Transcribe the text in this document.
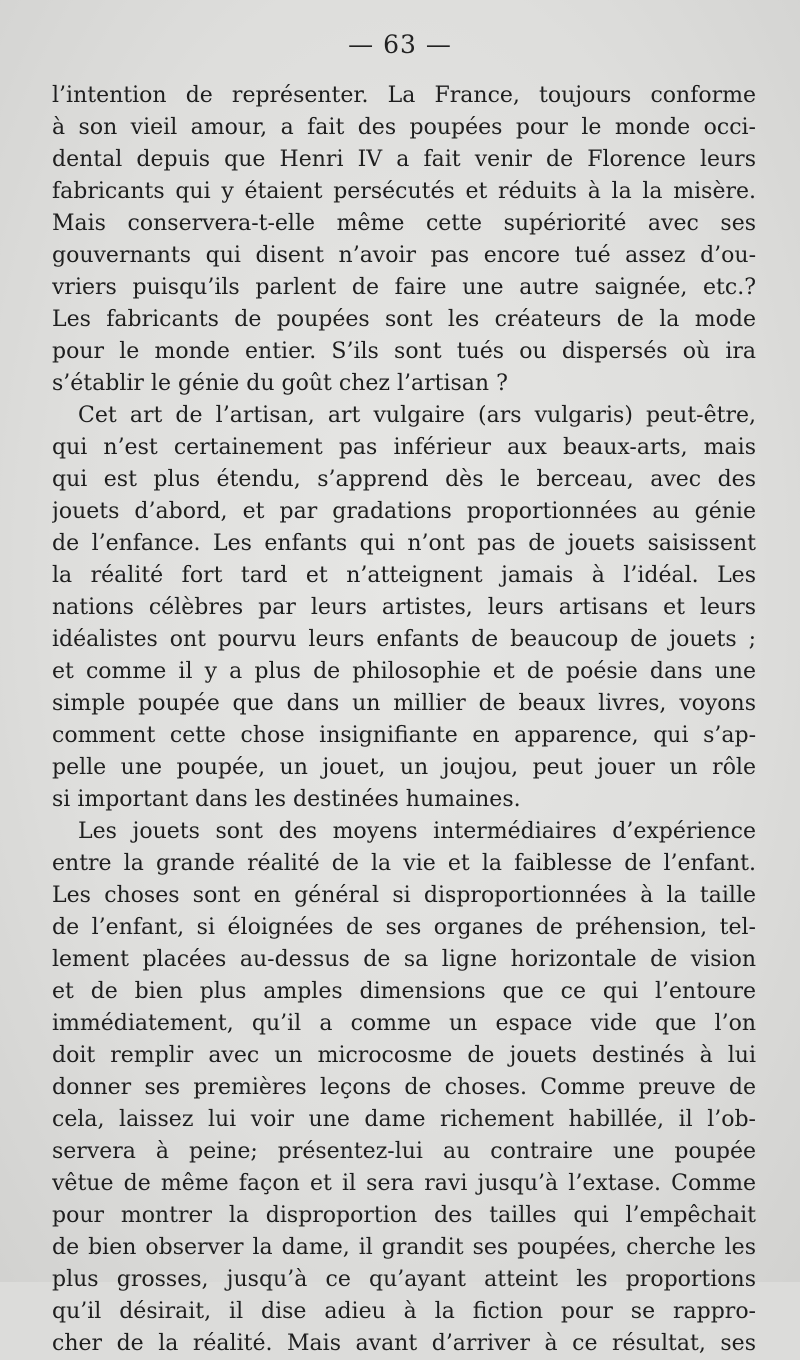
— 63 —
l’intention de représenter. La France, toujours conforme
à son vieil amour, a fait des poupées pour le monde occi-
dental depuis que Henri IV a fait venir de Florence leurs
fabricants qui y étaient persécutés et réduits à la la misère.
Mais conservera-t-elle même cette supériorité avec ses
gouvernants qui disent n’avoir pas encore tué assez d’ou-
vriers puisqu’ils parlent de faire une autre saignée, etc.?
Les fabricants de poupées sont les créateurs de la mode
pour le monde entier. S’ils sont tués ou dispersés où ira
s’établir le génie du goût chez l’artisan ?
Cet art de l’artisan, art vulgaire (ars vulgaris) peut-être,
qui n’est certainement pas inférieur aux beaux-arts, mais
qui est plus étendu, s’apprend dès le berceau, avec des
jouets d’abord, et par gradations proportionnées au génie
de l’enfance. Les enfants qui n’ont pas de jouets saisissent
la réalité fort tard et n’atteignent jamais à l’idéal. Les
nations célèbres par leurs artistes, leurs artisans et leurs
idéalistes ont pourvu leurs enfants de beaucoup de jouets ;
et comme il y a plus de philosophie et de poésie dans une
simple poupée que dans un millier de beaux livres, voyons
comment cette chose insignifiante en apparence, qui s’ap-
pelle une poupée, un jouet, un joujou, peut jouer un rôle
si important dans les destinées humaines.
Les jouets sont des moyens intermédiaires d’expérience
entre la grande réalité de la vie et la faiblesse de l’enfant.
Les choses sont en général si disproportionnées à la taille
de l’enfant, si éloignées de ses organes de préhension, tel-
lement placées au-dessus de sa ligne horizontale de vision
et de bien plus amples dimensions que ce qui l’entoure
immédiatement, qu’il a comme un espace vide que l’on
doit remplir avec un microcosme de jouets destinés à lui
donner ses premières leçons de choses. Comme preuve de
cela, laissez lui voir une dame richement habillée, il l’ob-
servera à peine; présentez-lui au contraire une poupée
vêtue de même façon et il sera ravi jusqu’à l’extase. Comme
pour montrer la disproportion des tailles qui l’empêchait
de bien observer la dame, il grandit ses poupées, cherche les
plus grosses, jusqu’à ce qu’ayant atteint les proportions
qu’il désirait, il dise adieu à la fiction pour se rappro-
cher de la réalité. Mais avant d’arriver à ce résultat, ses
